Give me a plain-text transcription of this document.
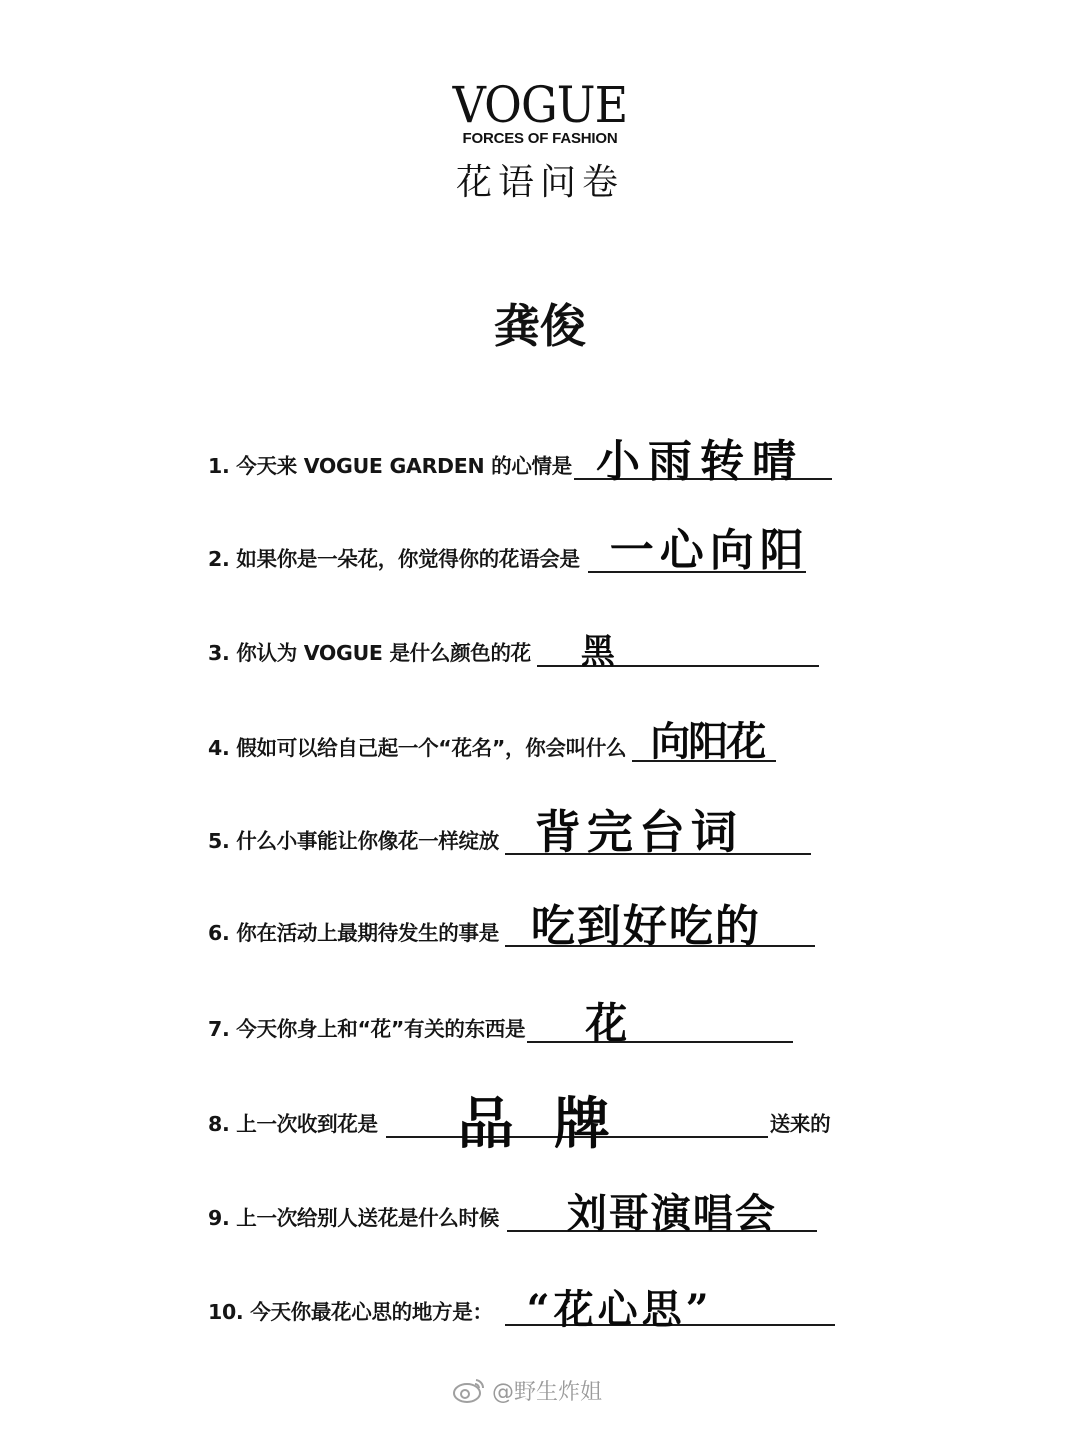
VOGUE
FORCES OF FASHION
花语问卷
龚俊
1. 今天来 VOGUE GARDEN 的心情是 小雨转晴
2. 如果你是一朵花，你觉得你的花语会是 一心向阳
3. 你认为 VOGUE 是什么颜色的花 黑
4. 假如可以给自己起一个“花名”，你会叫什么 向阳花
5. 什么小事能让你像花一样绽放 背完台词
6. 你在活动上最期待发生的事是 吃到好吃的
7. 今天你身上和“花”有关的东西是 花
8. 上一次收到花是 品牌	送来的
9. 上一次给别人送花是什么时候 刘哥演唱会
10. 今天你最花心思的地方是： “花心思”
@野生炸姐
